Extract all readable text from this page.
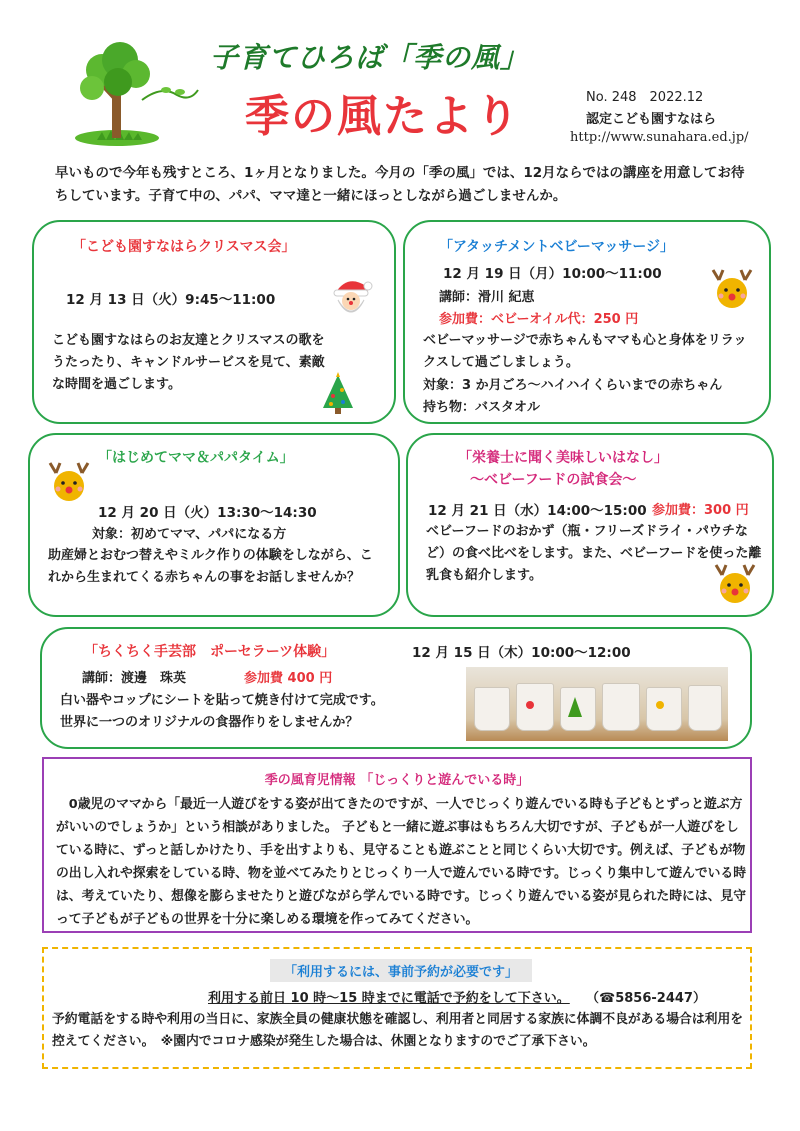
子育てひろば「季の風」
季の風たより	No. 248　2022.12
認定こども園すなはら
http://www.sunahara.ed.jp/
早いもので今年も残すところ、1ヶ月となりました。今月の「季の風」では、12月ならではの講座を用意してお待ちしています。子育て中の、パパ、ママ達と一緒にほっとしながら過ごしませんか。
「こども園すなはらクリスマス会」
12 月 13 日（火）9:45～11:00
こども園すなはらのお友達とクリスマスの歌をうたったり、キャンドルサービスを見て、素敵な時間を過ごします。
「アタッチメントベビーマッサージ」
12 月 19 日（月）10:00～11:00
講師：滑川 紀恵
参加費：ベビーオイル代：250 円
ベビーマッサージで赤ちゃんもママも心と身体をリラックスして過ごしましょう。
対象：3 か月ごろ～ハイハイくらいまでの赤ちゃん
持ち物：バスタオル
「はじめてママ＆パパタイム」
12 月 20 日（火）13:30～14:30
対象：初めてママ、パパになる方
助産婦とおむつ替えやミルク作りの体験をしながら、これから生まれてくる赤ちゃんの事をお話しませんか？
「栄養士に聞く美味しいはなし」
～ベビーフードの試食会～
12 月 21 日（水）14:00～15:00 参加費：300 円
ベビーフードのおかず（瓶・フリーズドライ・パウチなど）の食べ比べをします。また、ベビーフードを使った離乳食も紹介します。
「ちくちく手芸部　ポーセラーツ体験」	12 月 15 日（木）10:00～12:00
講師：渡邊　珠英	参加費 400 円
白い器やコップにシートを貼って焼き付けて完成です。
世界に一つのオリジナルの食器作りをしませんか？
季の風育児情報 「じっくりと遊んでいる時」
　0歳児のママから「最近一人遊びをする姿が出てきたのですが、一人でじっくり遊んでいる時も子どもとずっと遊ぶ方がいいのでしょうか」という相談がありました。 子どもと一緒に遊ぶ事はもちろん大切ですが、子どもが一人遊びをしている時に、ずっと話しかけたり、手を出すよりも、見守ることも遊ぶことと同じくらい大切です。例えば、子どもが物の出し入れや探索をしている時、物を並べてみたりとじっくり一人で遊んでいる時です。じっくり集中して遊んでいる時は、考えていたり、想像を膨らませたりと遊びながら学んでいる時です。じっくり遊んでいる姿が見られた時には、見守って子どもが子どもの世界を十分に楽しめる環境を作ってみてください。
「利用するには、事前予約が必要です」
利用する前日 10 時～15 時までに電話で予約をして下さい。 （☎5856-2447）
予約電話をする時や利用の当日に、家族全員の健康状態を確認し、利用者と同居する家族に体調不良がある場合は利用を控えてください。　※園内でコロナ感染が発生した場合は、休園となりますのでご了承下さい。
